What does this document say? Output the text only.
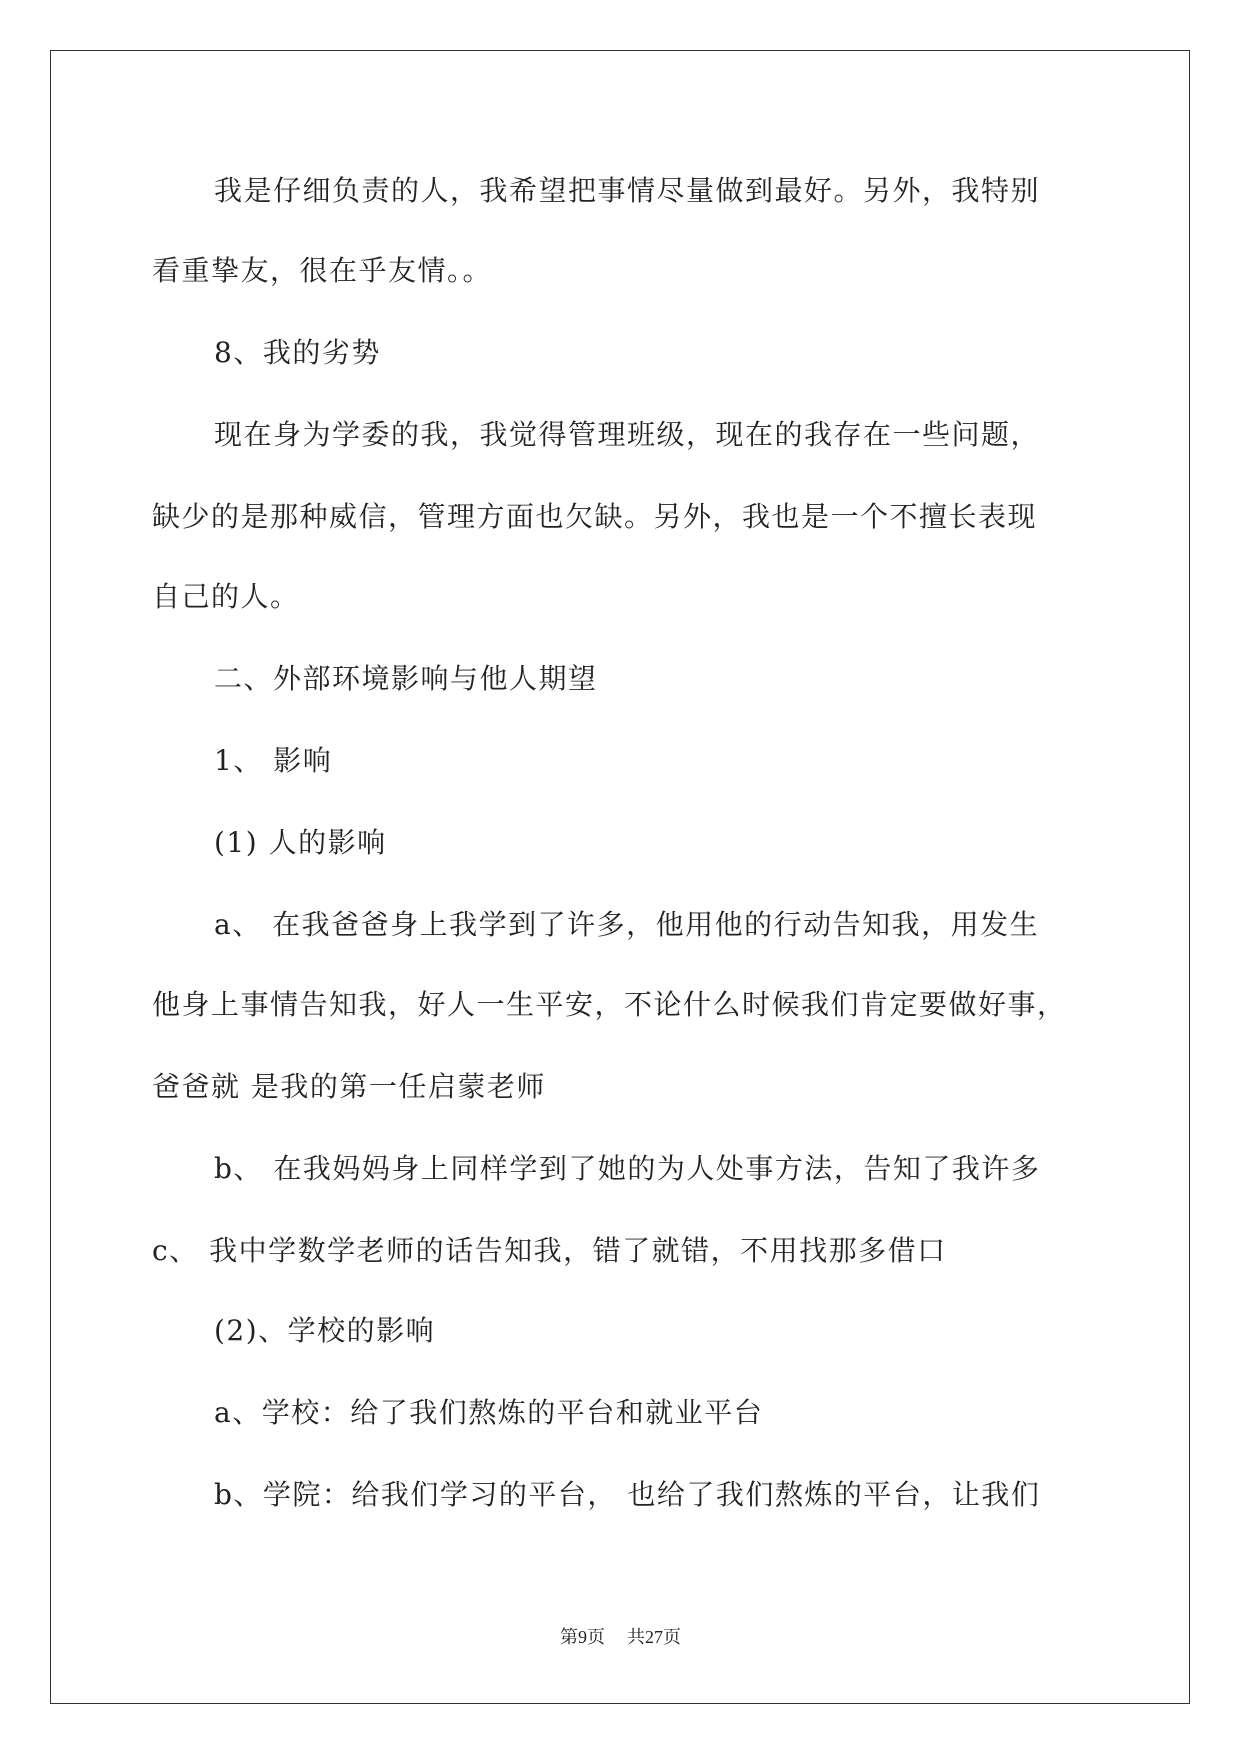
我是仔细负责的人，我希望把事情尽量做到最好。另外，我特别
看重挚友，很在乎友情。。
8、我的劣势
现在身为学委的我，我觉得管理班级，现在的我存在一些问题，
缺少的是那种威信，管理方面也欠缺。另外，我也是一个不擅长表现
自己的人。
二、外部环境影响与他人期望
1、 影响
(1) 人的影响
a、 在我爸爸身上我学到了许多，他用他的行动告知我，用发生
他身上事情告知我，好人一生平安，不论什么时候我们肯定要做好事，
爸爸就 是我的第一任启蒙老师
b、 在我妈妈身上同样学到了她的为人处事方法，告知了我许多
c、 我中学数学老师的话告知我，错了就错，不用找那多借口
(2)、学校的影响
a、学校：给了我们熬炼的平台和就业平台
b、学院：给我们学习的平台， 也给了我们熬炼的平台，让我们
第9页 共27页
